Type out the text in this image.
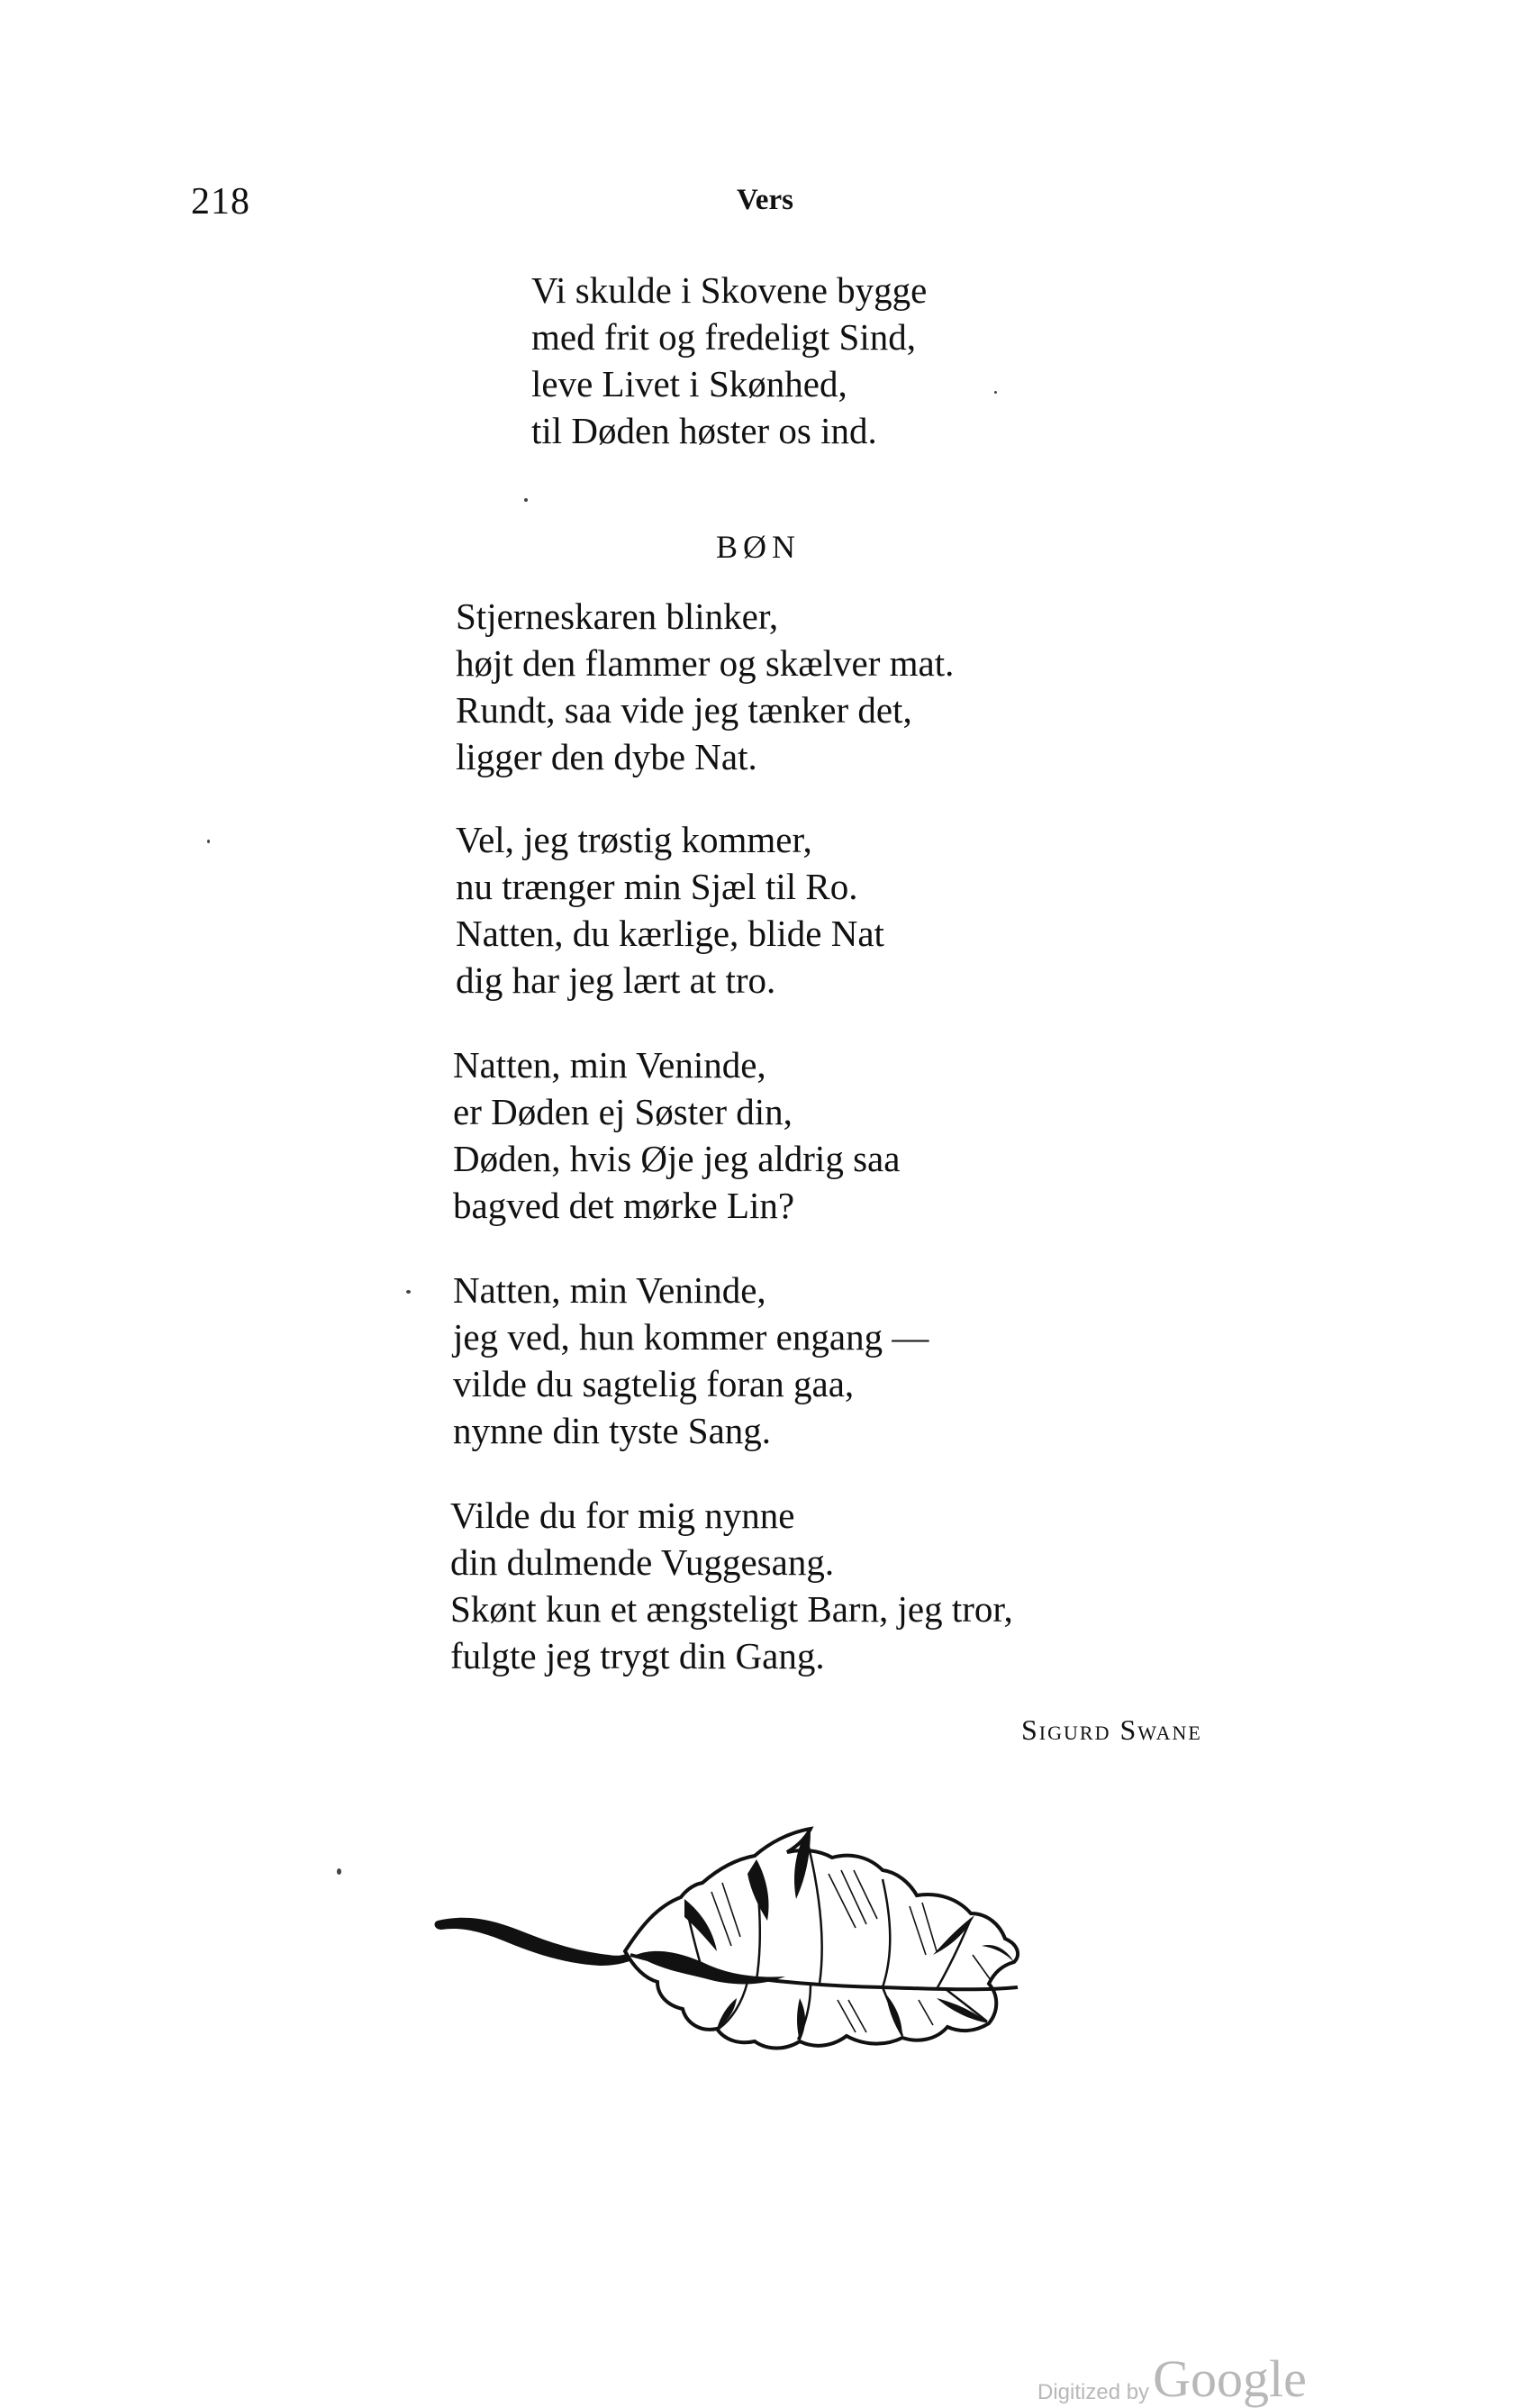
218	Vers
Vi skulde i Skovene bygge
med frit og fredeligt Sind,
leve Livet i Skønhed,
til Døden høster os ind.
BØN
Stjerneskaren blinker,
højt den flammer og skælver mat.
Rundt, saa vide jeg tænker det,
ligger den dybe Nat.
Vel, jeg trøstig kommer,
nu trænger min Sjæl til Ro.
Natten, du kærlige, blide Nat
dig har jeg lært at tro.
Natten, min Veninde,
er Døden ej Søster din,
Døden, hvis Øje jeg aldrig saa
bagved det mørke Lin?
Natten, min Veninde,
jeg ved, hun kommer engang —
vilde du sagtelig foran gaa,
nynne din tyste Sang.
Vilde du for mig nynne
din dulmende Vuggesang.
Skønt kun et ængsteligt Barn, jeg tror,
fulgte jeg trygt din Gang.
Sigurd Swane
Digitized by Google
